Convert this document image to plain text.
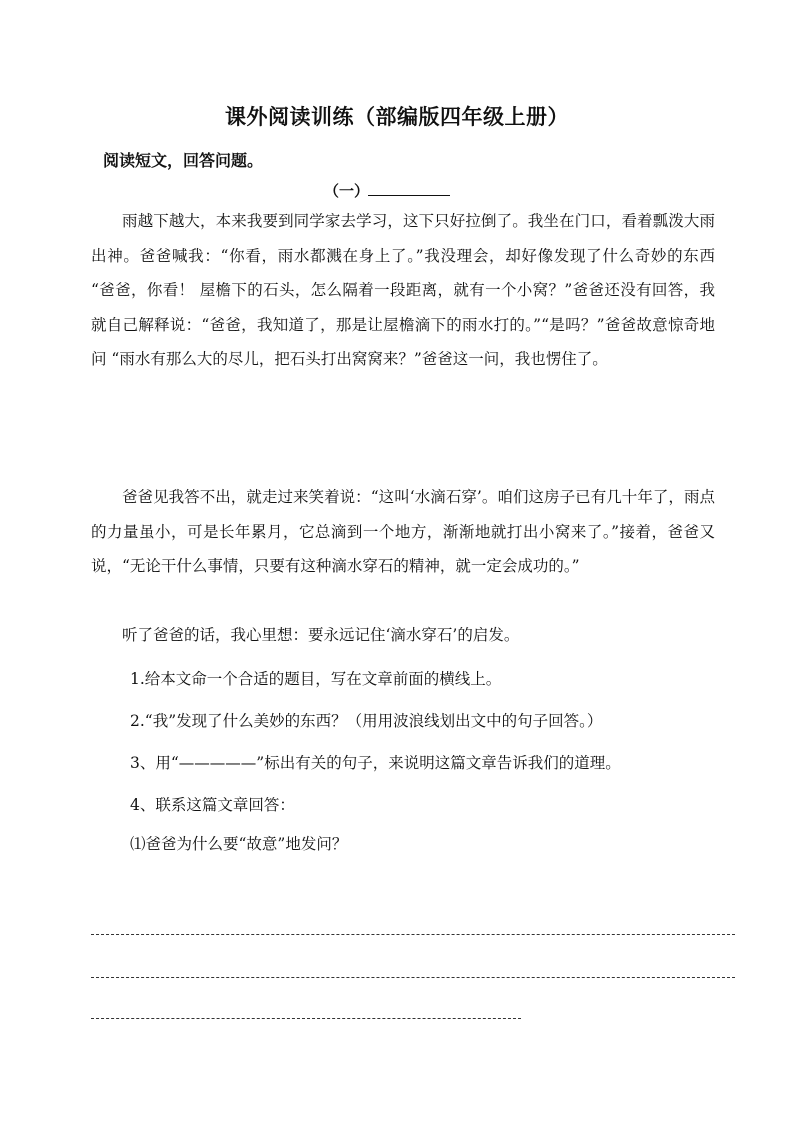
课外阅读训练（部编版四年级上册）
阅读短文，回答问题。
（一）

雨越下越大，本来我要到同学家去学习，这下只好拉倒了。我坐在门口，看着瓢泼大雨出神。爸爸喊我：“你看，雨水都溅在身上了。”我没理会，却好像发现了什么奇妙的东西 “爸爸，你看！ 屋檐下的石头，怎么隔着一段距离，就有一个小窝？”爸爸还没有回答，我就自己解释说：“爸爸，我知道了，那是让屋檐滴下的雨水打的。”“是吗？”爸爸故意惊奇地问 “雨水有那么大的尽儿，把石头打出窝窝来？”爸爸这一问，我也愣住了。

爸爸见我答不出，就走过来笑着说：“这叫‘水滴石穿’。咱们这房子已有几十年了，雨点的力量虽小，可是长年累月，它总滴到一个地方，渐渐地就打出小窝来了。”接着，爸爸又说，“无论干什么事情，只要有这种滴水穿石的精神，就一定会成功的。”

听了爸爸的话，我心里想：要永远记住‘滴水穿石’的启发。

1.给本文命一个合适的题目，写在文章前面的横线上。
2.“我”发现了什么美妙的东西？（用用波浪线划出文中的句子回答。）
3、用“—————”标出有关的句子，来说明这篇文章告诉我们的道理。
4、联系这篇文章回答：
⑴爸爸为什么要“故意”地发问？
